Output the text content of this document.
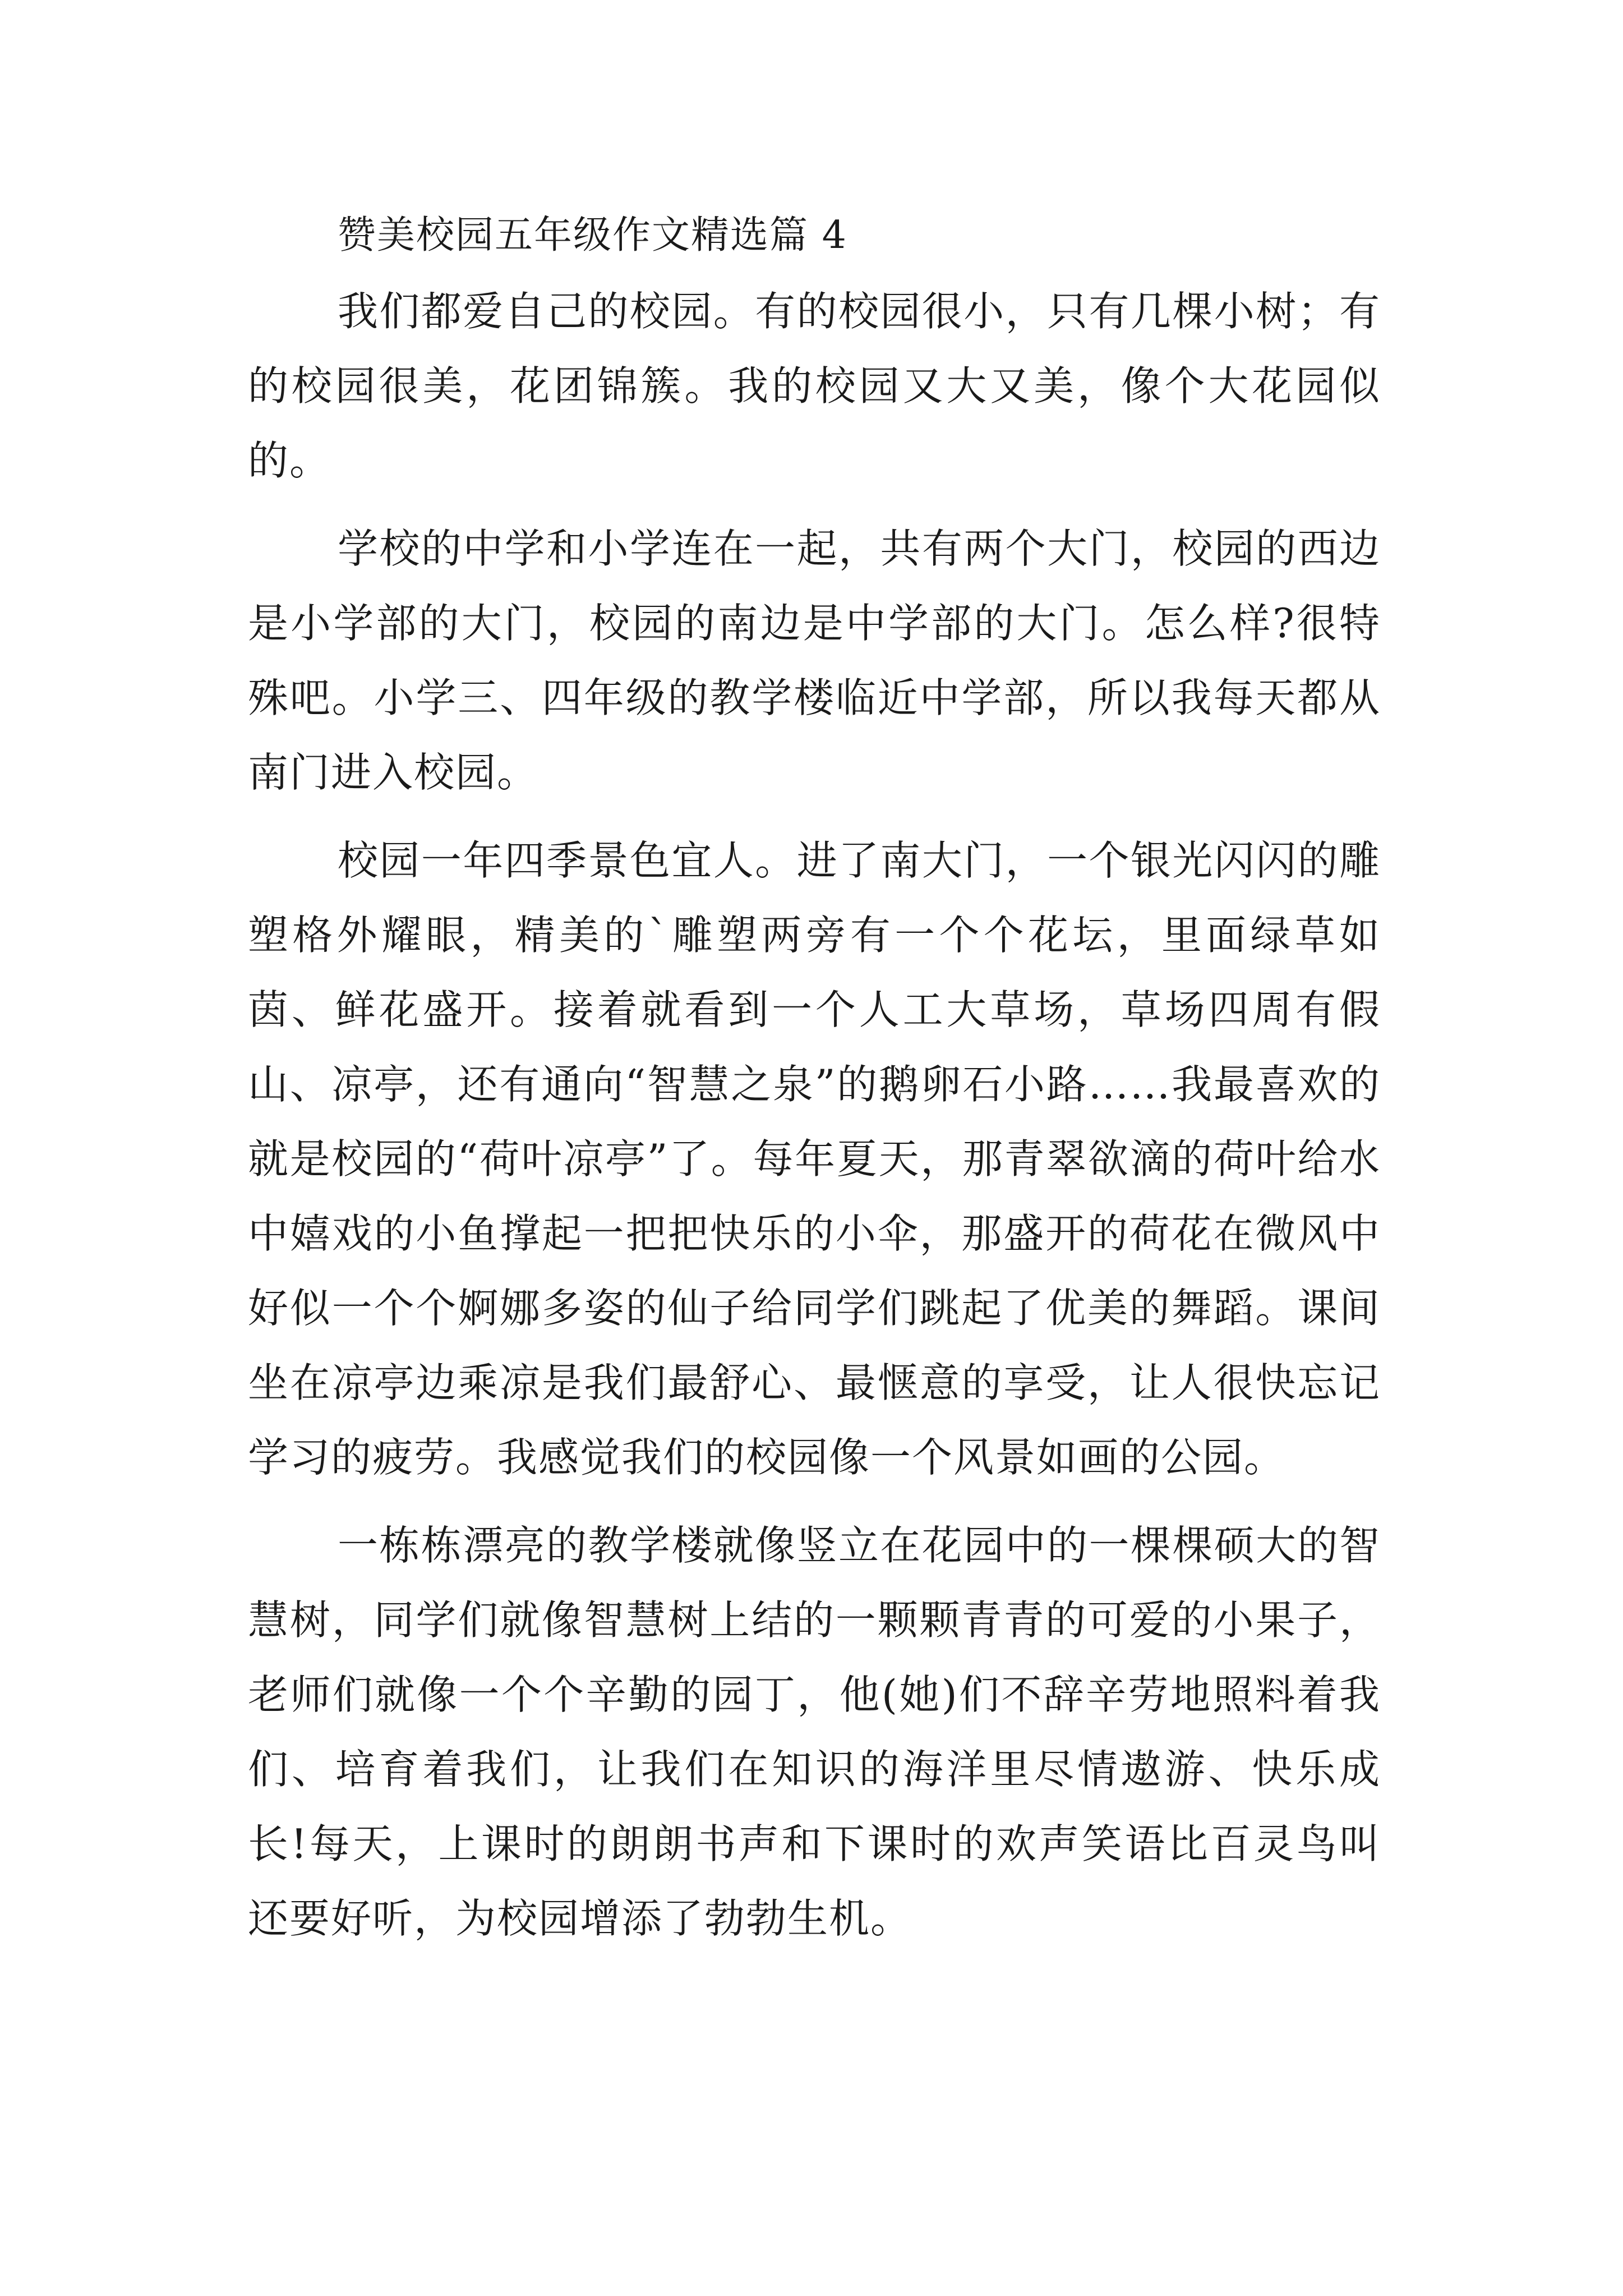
赞美校园五年级作文精选篇 4

我们都爱自己的校园。有的校园很小，只有几棵小树；有的校园很美，花团锦簇。我的校园又大又美，像个大花园似的。

学校的中学和小学连在一起，共有两个大门，校园的西边是小学部的大门，校园的南边是中学部的大门。怎么样?很特殊吧。小学三、四年级的教学楼临近中学部，所以我每天都从南门进入校园。

校园一年四季景色宜人。进了南大门，一个银光闪闪的雕塑格外耀眼，精美的`雕塑两旁有一个个花坛，里面绿草如茵、鲜花盛开。接着就看到一个人工大草场，草场四周有假山、凉亭，还有通向“智慧之泉”的鹅卵石小路……我最喜欢的就是校园的“荷叶凉亭”了。每年夏天，那青翠欲滴的荷叶给水中嬉戏的小鱼撑起一把把快乐的小伞，那盛开的荷花在微风中好似一个个婀娜多姿的仙子给同学们跳起了优美的舞蹈。课间坐在凉亭边乘凉是我们最舒心、最惬意的享受，让人很快忘记学习的疲劳。我感觉我们的校园像一个风景如画的公园。

一栋栋漂亮的教学楼就像竖立在花园中的一棵棵硕大的智慧树，同学们就像智慧树上结的一颗颗青青的可爱的小果子，老师们就像一个个辛勤的园丁，他(她)们不辞辛劳地照料着我们、培育着我们，让我们在知识的海洋里尽情遨游、快乐成长!每天，上课时的朗朗书声和下课时的欢声笑语比百灵鸟叫还要好听，为校园增添了勃勃生机。
